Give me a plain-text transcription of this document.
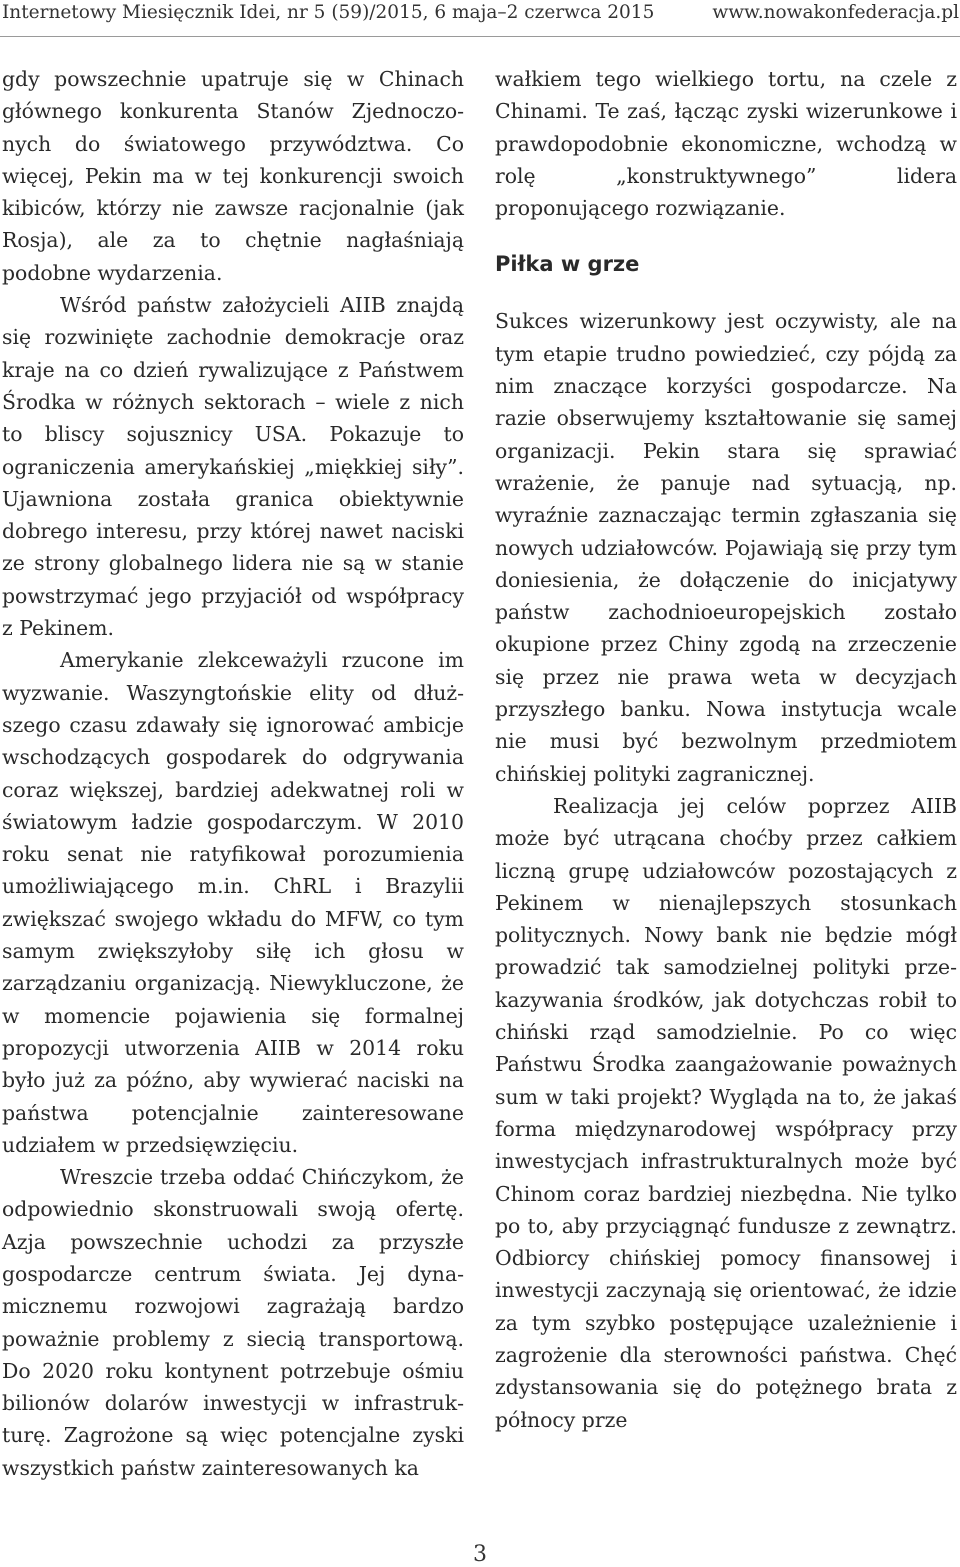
Internetowy Miesięcznik Idei, nr 5 (59)/2015, 6 maja–2 czerwca 2015	www.nowakonfederacja.pl

gdy powszechnie upatruje się w Chinach głównego konkurenta Stanów Zjednoczonych do światowego przywództwa. Co więcej, Pekin ma w tej konkurencji swoich kibiców, którzy nie zawsze racjonalnie (jak Rosja), ale za to chętnie nagłaśniają podobne wydarzenia.

Wśród państw założycieli AIIB znajdą się rozwinięte zachodnie demokracje oraz kraje na co dzień rywalizujące z Państwem Środka w różnych sektorach – wiele z nich to bliscy sojusznicy USA. Pokazuje to ograniczenia amerykańskiej „miękkiej siły”. Ujawniona została granica obiektywnie dobrego interesu, przy której nawet naciski ze strony globalnego lidera nie są w stanie powstrzymać jego przyjaciół od współpracy z Pekinem.

Amerykanie zlekceważyli rzucone im wyzwanie. Waszyngtońskie elity od dłuższego czasu zdawały się ignorować ambicje wschodzących gospodarek do odgrywania coraz większej, bardziej adekwatnej roli w światowym ładzie gospodarczym. W 2010 roku senat nie ratyfikował porozumienia umożliwiającego m.in. ChRL i Brazylii zwiększać swojego wkładu do MFW, co tym samym zwiększyłoby siłę ich głosu w zarządzaniu organizacją. Niewykluczone, że w momencie pojawienia się formalnej propozycji utworzenia AIIB w 2014 roku było już za późno, aby wywierać naciski na państwa potencjalnie zainteresowane udziałem w przedsięwzięciu.

Wreszcie trzeba oddać Chińczykom, że odpowiednio skonstruowali swoją ofertę. Azja powszechnie uchodzi za przyszłe gospodarcze centrum świata. Jej dynamicznemu rozwojowi zagrażają bardzo poważnie problemy z siecią transportową. Do 2020 roku kontynent potrzebuje ośmiu bilionów dolarów inwestycji w infrastrukturę. Zagrożone są więc potencjalne zyski wszystkich państw zainteresowanych ka

wałkiem tego wielkiego tortu, na czele z Chinami. Te zaś, łącząc zyski wizerunkowe i prawdopodobnie ekonomiczne, wchodzą w rolę „konstruktywnego” lidera proponującego rozwiązanie.

Piłka w grze

Sukces wizerunkowy jest oczywisty, ale na tym etapie trudno powiedzieć, czy pójdą za nim znaczące korzyści gospodarcze. Na razie obserwujemy kształtowanie się samej organizacji. Pekin stara się sprawiać wrażenie, że panuje nad sytuacją, np. wyraźnie zaznaczając termin zgłaszania się nowych udziałowców. Pojawiają się przy tym doniesienia, że dołączenie do inicjatywy państw zachodnioeuropejskich zostało okupione przez Chiny zgodą na zrzeczenie się przez nie prawa weta w decyzjach przyszłego banku. Nowa instytucja wcale nie musi być bezwolnym przedmiotem chińskiej polityki zagranicznej.

Realizacja jej celów poprzez AIIB może być utrącana choćby przez całkiem liczną grupę udziałowców pozostających z Pekinem w nienajlepszych stosunkach politycznych. Nowy bank nie będzie mógł prowadzić tak samodzielnej polityki przekazywania środków, jak dotychczas robił to chiński rząd samodzielnie. Po co więc Państwu Środka zaangażowanie poważnych sum w taki projekt? Wygląda na to, że jakaś forma międzynarodowej współpracy przy inwestycjach infrastrukturalnych może być Chinom coraz bardziej niezbędna. Nie tylko po to, aby przyciągnąć fundusze z zewnątrz. Odbiorcy chińskiej pomocy finansowej i inwestycji zaczynają się orientować, że idzie za tym szybko postępujące uzależnienie i zagrożenie dla sterowności państwa. Chęć zdystansowania się do potężnego brata z północy prze

3
